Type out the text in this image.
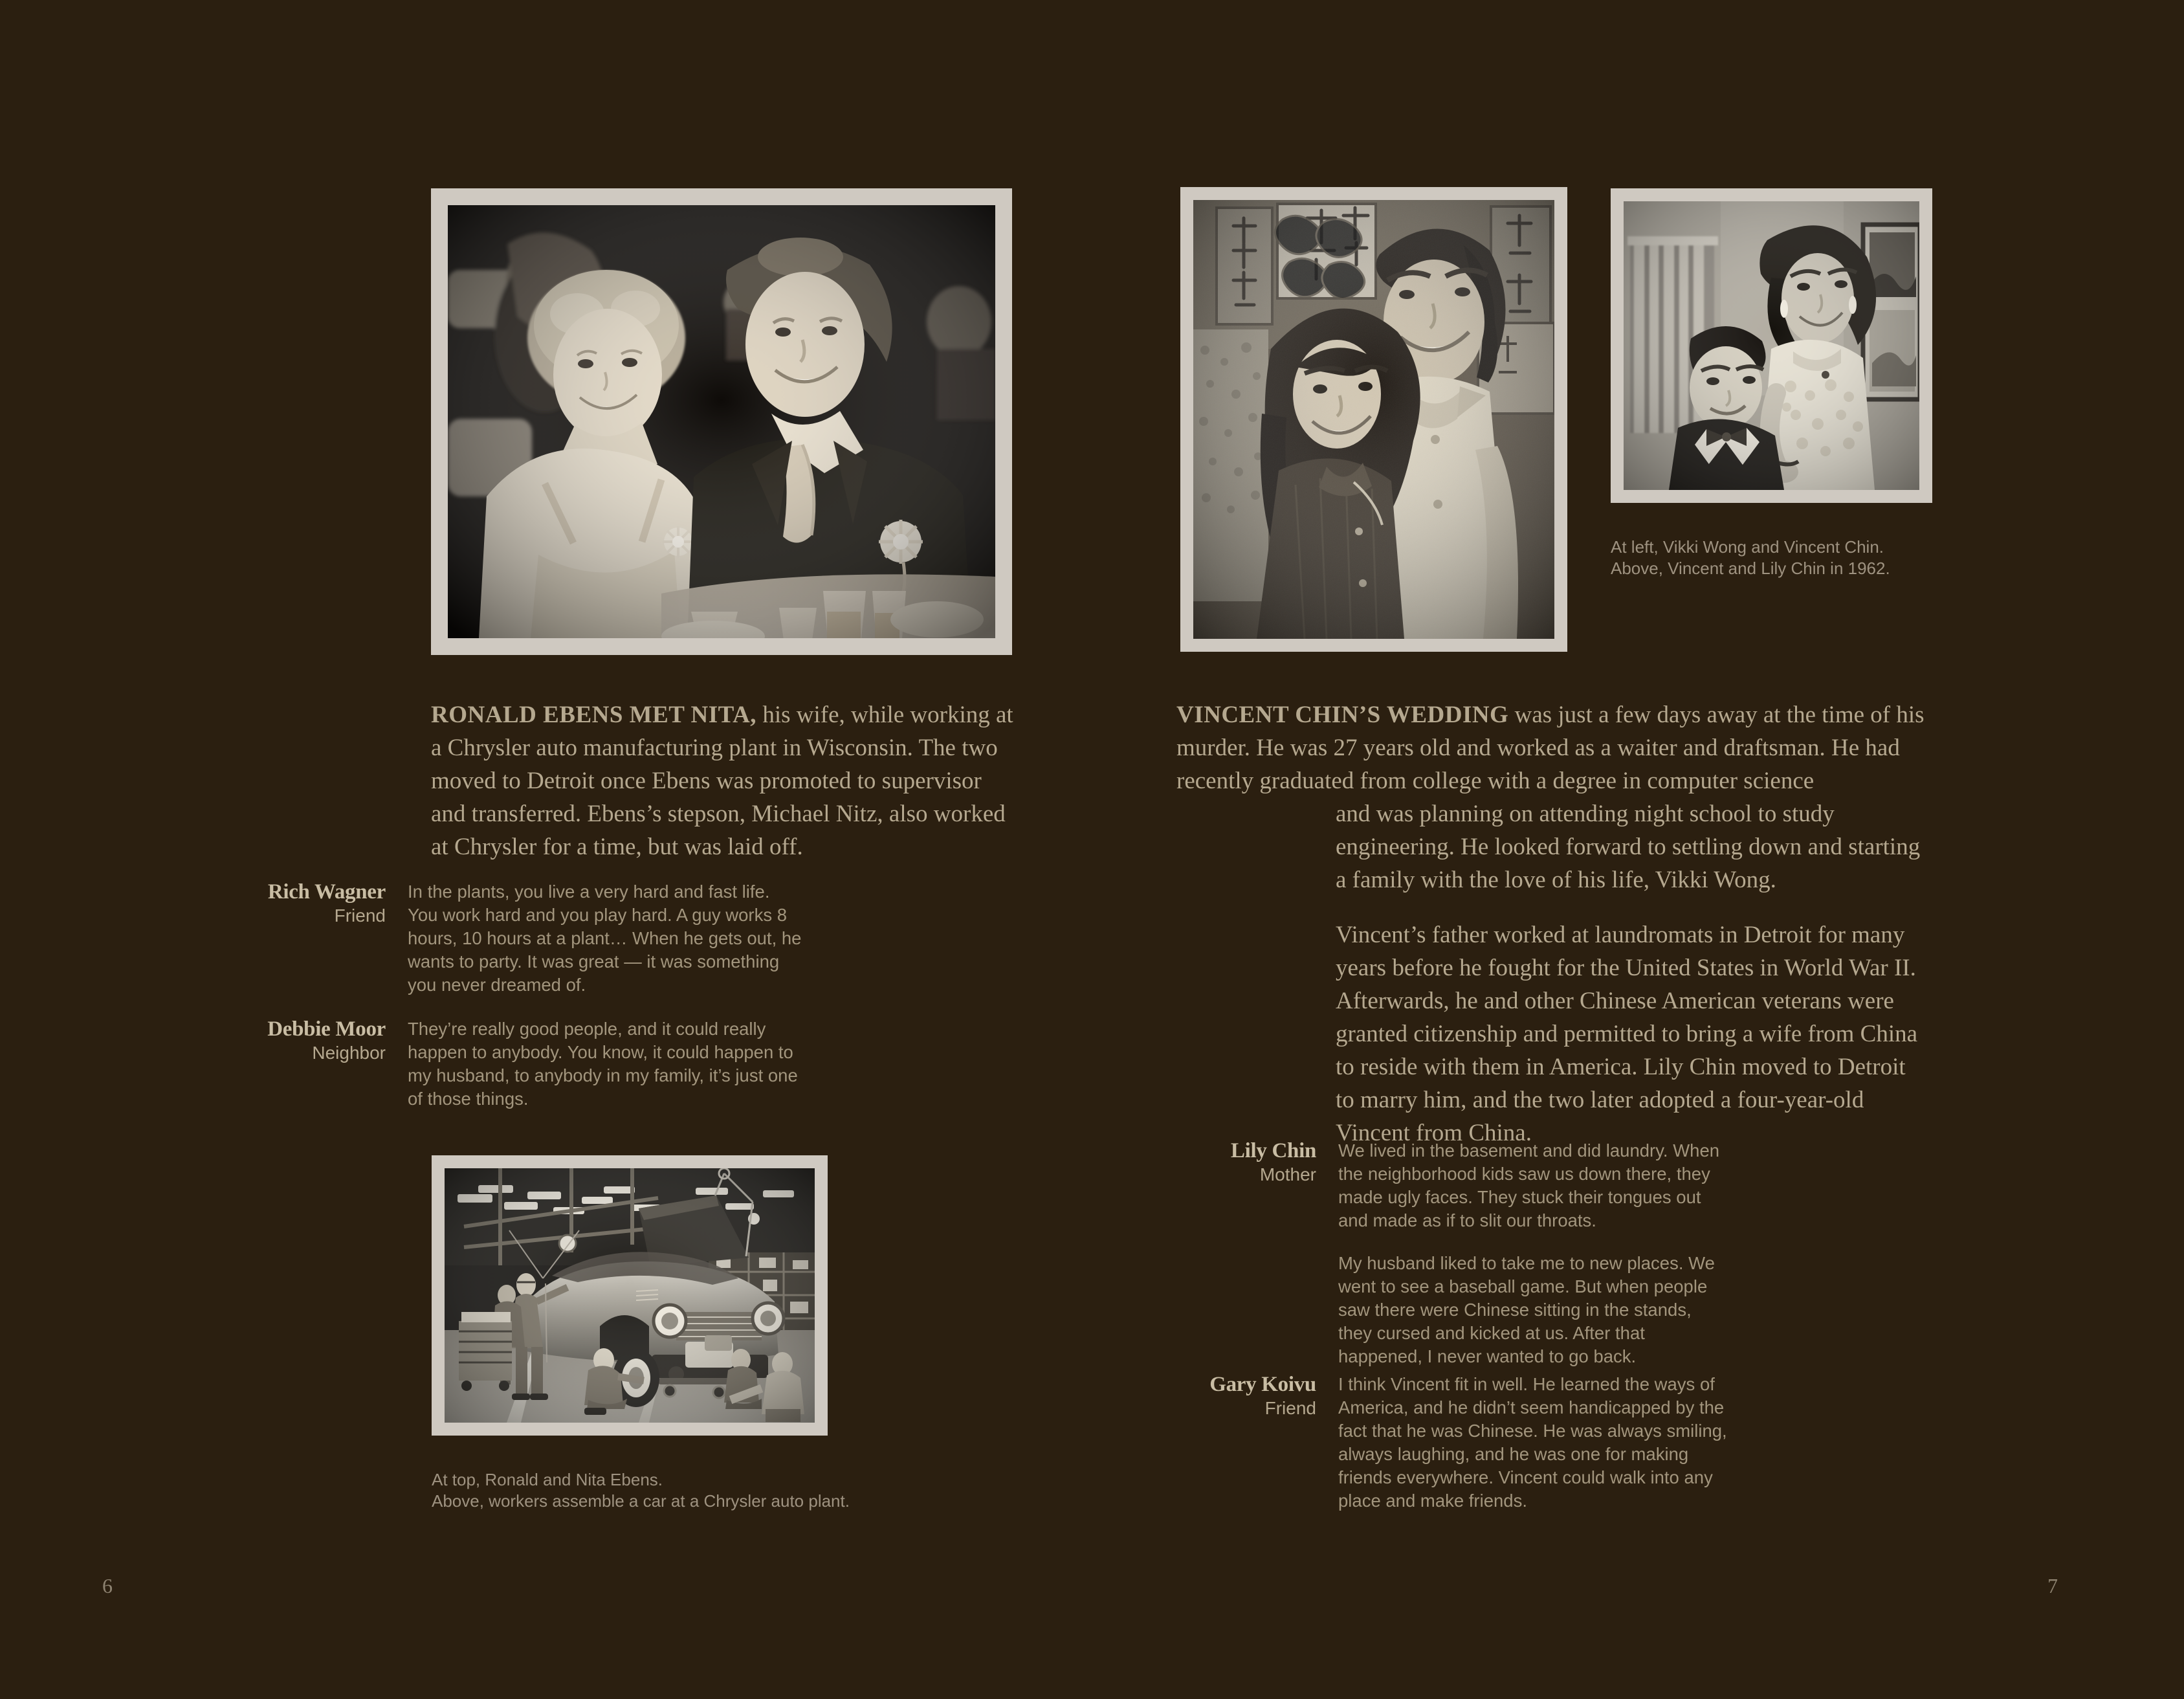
RONALD EBENS MET NITA, his wife, while working at a Chrysler auto manufacturing plant in Wisconsin. The two moved to Detroit once Ebens was promoted to supervisor and transferred. Ebens’s stepson, Michael Nitz, also worked at Chrysler for a time, but was laid off.

Rich Wagner
Friend

In the plants, you live a very hard and fast life. You work hard and you play hard. A guy works 8 hours, 10 hours at a plant… When he gets out, he wants to party. It was great — it was something you never dreamed of.

Debbie Moor
Neighbor

They’re really good people, and it could really happen to anybody. You know, it could happen to my husband, to anybody in my family, it’s just one of those things.

At top, Ronald and Nita Ebens.
Above, workers assemble a car at a Chrysler auto plant.
6
At left, Vikki Wong and Vincent Chin.
Above, Vincent and Lily Chin in 1962.
VINCENT CHIN’S WEDDING was just a few days away at the time of his murder. He was 27 years old and worked as a waiter and draftsman. He had recently graduated from college with a degree in computer science

and was planning on attending night school to study engineering. He looked forward to settling down and starting a family with the love of his life, Vikki Wong.

Vincent’s father worked at laundromats in Detroit for many years before he fought for the United States in World War II. Afterwards, he and other Chinese American veterans were granted citizenship and permitted to bring a wife from China to reside with them in America. Lily Chin moved to Detroit to marry him, and the two later adopted a four-year-old Vincent from China.

Lily Chin
Mother

We lived in the basement and did laundry. When the neighborhood kids saw us down there, they made ugly faces. They stuck their tongues out and made as if to slit our throats.

My husband liked to take me to new places. We went to see a baseball game. But when people saw there were Chinese sitting in the stands, they cursed and kicked at us. After that happened, I never wanted to go back.

Gary Koivu
Friend

I think Vincent fit in well. He learned the ways of America, and he didn’t seem handicapped by the fact that he was Chinese. He was always smiling, always laughing, and he was one for making friends everywhere. Vincent could walk into any place and make friends.

7
